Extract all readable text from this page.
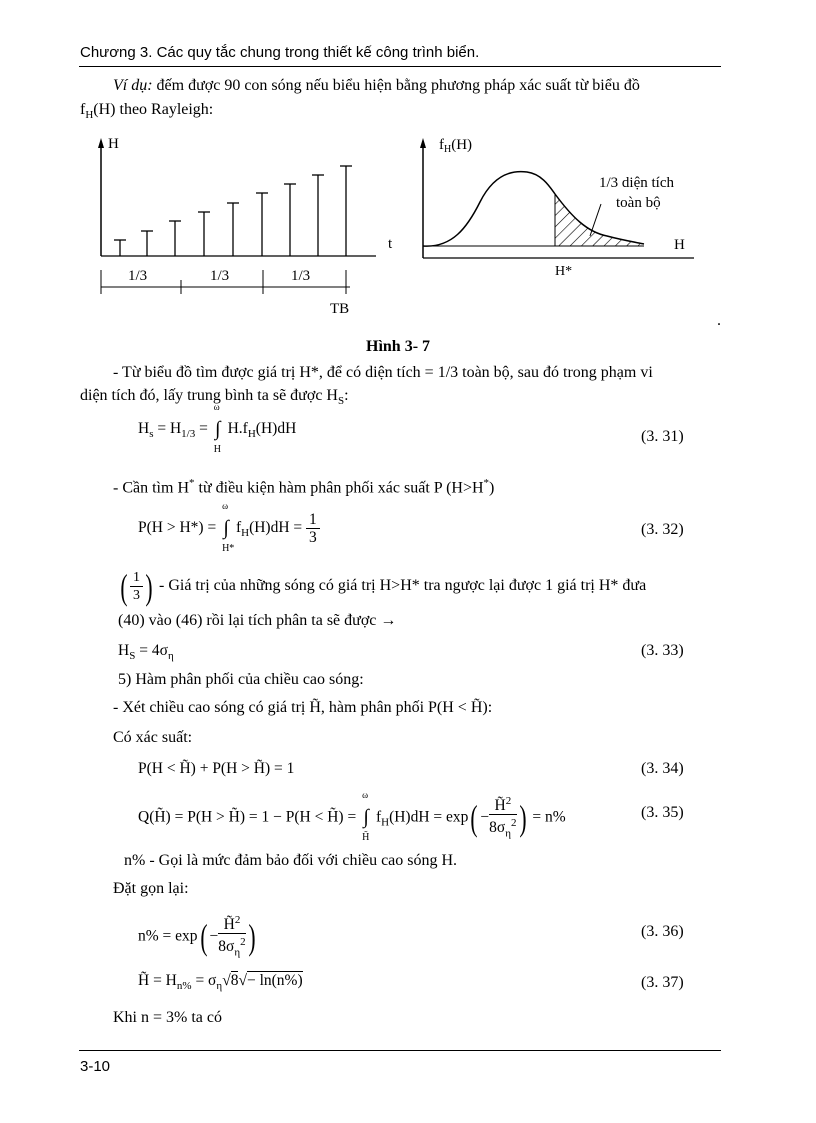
Chương 3. Các quy tắc chung trong thiết kế công trình biển.
Ví dụ: đếm được 90 con sóng nếu biểu hiện bằng phương pháp xác suất từ biểu đồ
$f_H(H)$ theo Rayleigh:
H
t
1/3	1/3	1/3
TB
$f_H(H)$
H
1/3 diện tích
toàn bộ
H*
.
Hình 3- 7
- Từ biểu đồ tìm được giá trị H*, để có diện tích = 1/3 toàn bộ, sau đó trong phạm vi
diện tích đó, lấy trung bình ta sẽ được $H_S$:
$H_s = H_{1/3}$ =
ω
∫
H
$H.f_H(H)dH$	(3. 31)
- Cần tìm H* từ điều kiện hàm phân phối xác suất P (H>H*)
P(H > H*) =
ω
∫
H*
$f_H(H)dH = \frac{1}{3}$	(3. 32)
( $\frac{1}{3}$ ) - Giá trị của những sóng có giá trị H>H* tra ngược lại được 1 giá trị H* đưa
(40) vào (46) rồi lại tích phân ta sẽ được →
$H_S = 4\sigma_\eta$	(3. 33)
5) Hàm phân phối của chiều cao sóng:
- Xét chiều cao sóng có giá trị H̃, hàm phân phối P(H < H̃):
Có xác suất:
P(H < H̃) + P(H > H̃) = 1	(3. 34)
Q(H̃) = P(H > H̃) = 1 − P(H < H̃) =
ω
∫
H̃
$f_H(H)dH = \exp( - \frac{H̃^2}{8\sigma_\eta^2}$ ) = n%	(3. 35)
n% - Gọi là mức đảm bảo đối với chiều cao sóng H.
Đặt gọn lại:
$n\% = \exp( - \frac{H̃^2}{8\sigma_\eta^2}$ )	(3. 36)
H̃ = $H_{n\%} = \sigma_\eta√8√- \ln(n\%)$	(3. 37)
Khi n = 3% ta có
3-10
